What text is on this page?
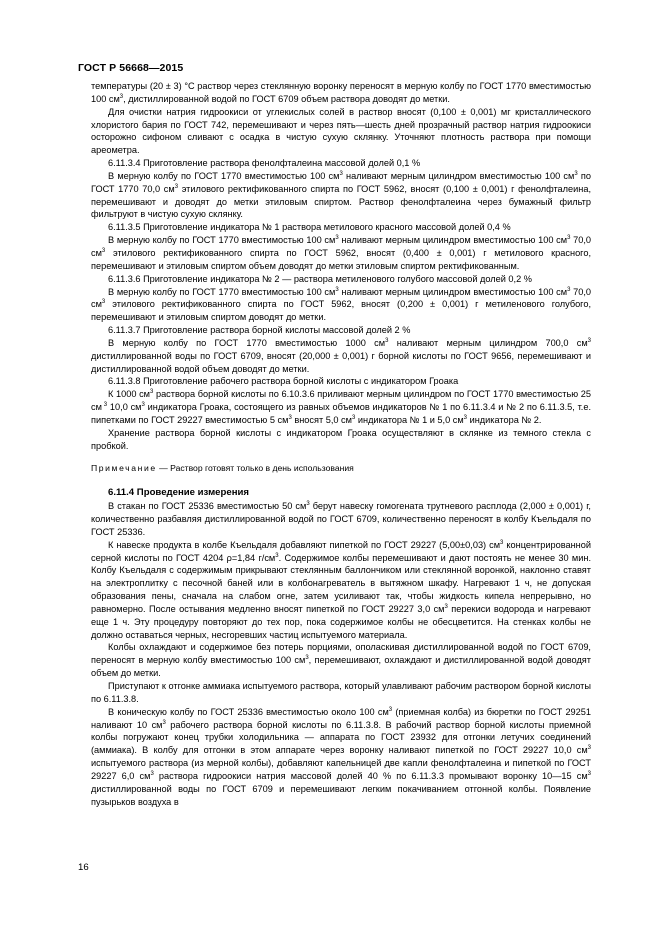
ГОСТ Р 56668—2015

температуры (20 ± 3) °С раствор через стеклянную воронку переносят в мерную колбу по ГОСТ 1770 вместимостью 100 $см^3$, дистиллированной водой по ГОСТ 6709 объем раствора доводят до метки.

Для очистки натрия гидроокиси от углекислых солей в раствор вносят (0,100 ± 0,001) мг кристаллического хлористого бария по ГОСТ 742, перемешивают и через пять—шесть дней прозрачный раствор натрия гидроокиси осторожно сифоном сливают с осадка в чистую сухую склянку. Уточняют плотность раствора при помощи ареометра.

6.11.3.4 Приготовление раствора фенолфталеина массовой долей 0,1 %

В мерную колбу по ГОСТ 1770 вместимостью 100 $см^3$ наливают мерным цилиндром вместимостью 100 $см^3$ по ГОСТ 1770 70,0 $см^3$ этилового ректификованного спирта по ГОСТ 5962, вносят (0,100 ± 0,001) г фенолфталеина, перемешивают и доводят до метки этиловым спиртом. Раствор фенолфталеина через бумажный фильтр фильтруют в чистую сухую склянку.

6.11.3.5 Приготовление индикатора № 1 раствора метилового красного массовой долей 0,4 %

В мерную колбу по ГОСТ 1770 вместимостью 100 $см^3$ наливают мерным цилиндром вместимостью 100 $см^3$ 70,0 $см^3$ этилового ректификованного спирта по ГОСТ 5962, вносят (0,400 ± 0,001) г метилового красного, перемешивают и этиловым спиртом объем доводят до метки этиловым спиртом ректификованным.

6.11.3.6 Приготовление индикатора № 2 — раствора метиленового голубого массовой долей 0,2 %

В мерную колбу по ГОСТ 1770 вместимостью 100 $см^3$ наливают мерным цилиндром вместимостью 100 $см^3$ 70,0 $см^3$ этилового ректификованного спирта по ГОСТ 5962, вносят (0,200 ± 0,001) г метиленового голубого, перемешивают и этиловым спиртом доводят до метки.

6.11.3.7 Приготовление раствора борной кислоты массовой долей 2 %

В мерную колбу по ГОСТ 1770 вместимостью 1000 $см^3$ наливают мерным цилиндром 700,0 $см^3$ дистиллированной воды по ГОСТ 6709, вносят (20,000 ± 0,001) г борной кислоты по ГОСТ 9656, перемешивают и дистиллированной водой объем доводят до метки.

6.11.3.8 Приготовление рабочего раствора борной кислоты с индикатором Гроака

К 1000 $см^3$ раствора борной кислоты по 6.10.3.6 приливают мерным цилиндром по ГОСТ 1770 вместимостью 25 см $^3$ 10,0 $см^3$ индикатора Гроака, состоящего из равных объемов индикаторов № 1 по 6.11.3.4 и № 2 по 6.11.3.5, т.е. пипетками по ГОСТ 29227 вместимостью 5 $см^3$ вносят 5,0 $см^3$ индикатора № 1 и 5,0 $см^3$ индикатора № 2.

Хранение раствора борной кислоты с индикатором Гроака осуществляют в склянке из темного стекла с пробкой.

Примечание — Раствор готовят только в день использования

6.11.4 Проведение измерения

В стакан по ГОСТ 25336 вместимостью 50 $см^3$ берут навеску гомогената трутневого расплода (2,000 ± 0,001) г, количественно разбавляя дистиллированной водой по ГОСТ 6709, количественно переносят в колбу Къельдаля по ГОСТ 25336.

К навеске продукта в колбе Къельдаля добавляют пипеткой по ГОСТ 29227 (5,00±0,03) $см^3$ концентрированной серной кислоты по ГОСТ 4204 ρ=1,84 $г/см^3$. Содержимое колбы перемешивают и дают постоять не менее 30 мин. Колбу Къельдаля с содержимым прикрывают стеклянным баллончиком или стеклянной воронкой, наклонно ставят на электроплитку с песочной баней или в колбонагреватель в вытяжном шкафу. Нагревают 1 ч, не допуская образования пены, сначала на слабом огне, затем усиливают так, чтобы жидкость кипела непрерывно, но равномерно. После остывания медленно вносят пипеткой по ГОСТ 29227 3,0 $см^3$ перекиси водорода и нагревают еще 1 ч. Эту процедуру повторяют до тех пор, пока содержимое колбы не обесцветится. На стенках колбы не должно оставаться черных, несгоревших частиц испытуемого материала.

Колбы охлаждают и содержимое без потерь порциями, ополаскивая дистиллированной водой по ГОСТ 6709, переносят в мерную колбу вместимостью 100 $см^3$, перемешивают, охлаждают и дистиллированной водой доводят объем до метки.

Приступают к отгонке аммиака испытуемого раствора, который улавливают рабочим раствором борной кислоты по 6.11.3.8.

В коническую колбу по ГОСТ 25336 вместимостью около 100 $см^3$ (приемная колба) из бюретки по ГОСТ 29251 наливают 10 $см^3$ рабочего раствора борной кислоты по 6.11.3.8. В рабочий раствор борной кислоты приемной колбы погружают конец трубки холодильника — аппарата по ГОСТ 23932 для отгонки летучих соединений (аммиака). В колбу для отгонки в этом аппарате через воронку наливают пипеткой по ГОСТ 29227 10,0 $см^3$ испытуемого раствора (из мерной колбы), добавляют капельницей две капли фенолфталеина и пипеткой по ГОСТ 29227 6,0 $см^3$ раствора гидроокиси натрия массовой долей 40 % по 6.11.3.3 промывают воронку 10—15 $см^3$ дистиллированной воды по ГОСТ 6709 и перемешивают легким покачиванием отгонной колбы. Появление пузырьков воздуха в

16
